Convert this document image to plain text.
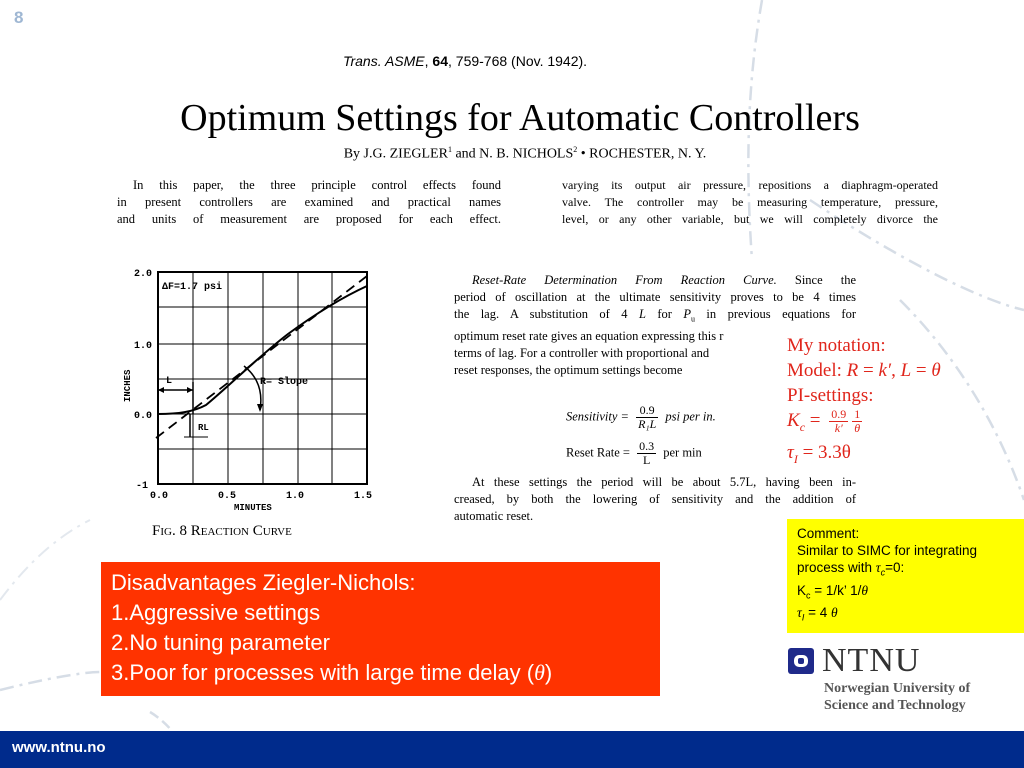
8
Trans. ASME, 64, 759-768 (Nov. 1942).
Optimum Settings for Automatic Controllers
By J.G. ZIEGLER$^1$ and N. B. NICHOLS$^2$ • ROCHESTER, N. Y.
In this paper, the three principle control effects found
in present controllers are examined and practical names
and units of measurement are proposed for each effect.
varying its output air pressure, repositions a diaphragm-operated
valve. The controller may be measuring temperature, pressure,
level, or any other variable, but we will completely divorce the
2.0
1.0
0.0
-1
0.0	0.5	1.0	1.5
MINUTES
INCHES
ΔF=1.7 psi
L
RL
R= Slope
FIG. 8 REACTION CURVE
Reset-Rate Determination From Reaction Curve. Since the
period of oscillation at the ultimate sensitivity proves to be 4 times
the lag. A substitution of 4 L for $P_u$ in previous equations for
optimum reset rate gives an equation expressing this r
terms of lag. For a controller with proportional and
reset responses, the optimum settings become
Sensitivity = $\frac{0.9}{\text{R₁L}}$ psi per in.
Reset Rate = $\frac{0.3}{L}$ per min
At these settings the period will be about 5.7L, having been in-
creased, by both the lowering of sensitivity and the addition of
automatic reset.
My notation:
Model: R = k′, L = θ
PI-settings:
$K_c = \frac{0.9}{k'} \frac{1}{\theta}$
$\tau_I = 3.3\theta$
Comment:
Similar to SIMC for integrating
process with $\tau_c=0$:
$K_c = 1/k$’ 1/θ
$\tau_I = 4$ θ
Disadvantages Ziegler-Nichols:
1.Aggressive settings
2.No tuning parameter
3.Poor for processes with large time delay (θ)	NTNU
Norwegian University of
Science and Technology
www.ntnu.no
